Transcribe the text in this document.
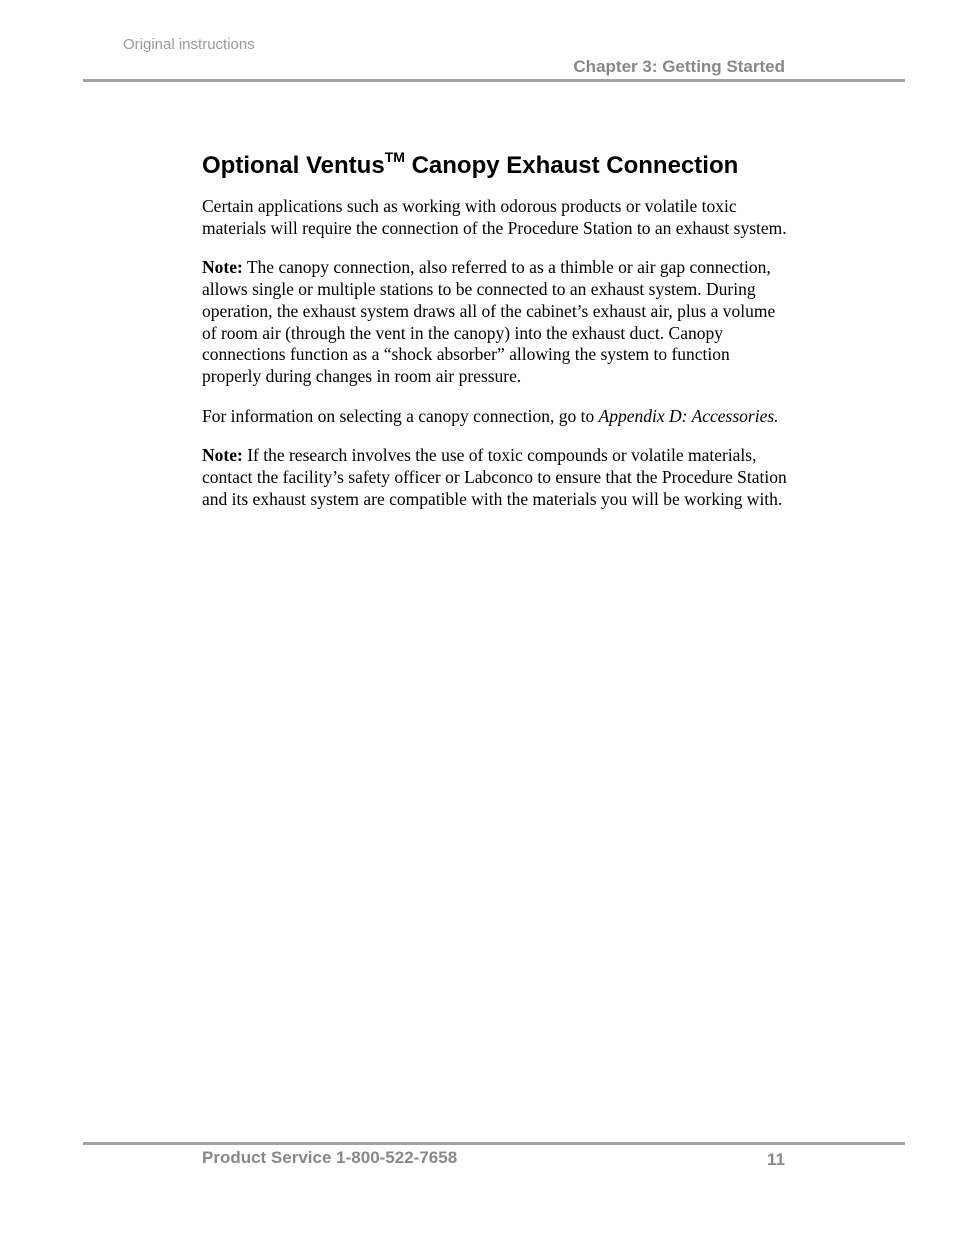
Original instructions
Chapter 3: Getting Started
Optional Ventus™ Canopy Exhaust Connection

Certain applications such as working with odorous products or volatile toxic materials will require the connection of the Procedure Station to an exhaust system.

Note: The canopy connection, also referred to as a thimble or air gap connection, allows single or multiple stations to be connected to an exhaust system. During operation, the exhaust system draws all of the cabinet’s exhaust air, plus a volume of room air (through the vent in the canopy) into the exhaust duct. Canopy connections function as a “shock absorber” allowing the system to function properly during changes in room air pressure.

For information on selecting a canopy connection, go to Appendix D: Accessories.

Note: If the research involves the use of toxic compounds or volatile materials, contact the facility’s safety officer or Labconco to ensure that the Procedure Station and its exhaust system are compatible with the materials you will be working with.

Product Service 1-800-522-7658	11
